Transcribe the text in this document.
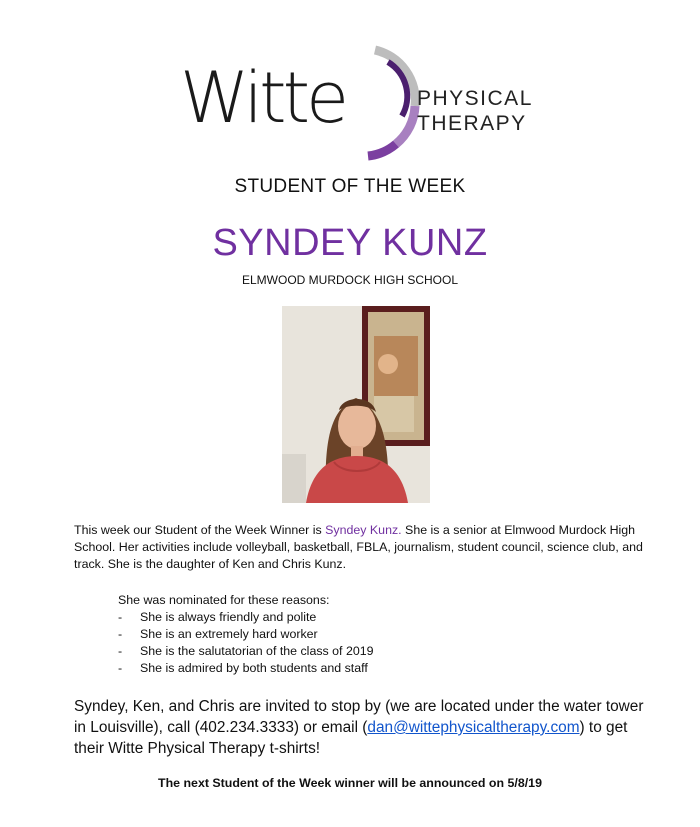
Witte	PHYSICAL
THERAPY
STUDENT OF THE WEEK
SYNDEY KUNZ
ELMWOOD MURDOCK HIGH SCHOOL
This week our Student of the Week Winner is Syndey Kunz. She is a senior at Elmwood Murdock High School. Her activities include volleyball, basketball, FBLA, journalism, student council, science club, and track. She is the daughter of Ken and Chris Kunz.
She was nominated for these reasons:
- She is always friendly and polite
- She is an extremely hard worker
- She is the salutatorian of the class of 2019
- She is admired by both students and staff
Syndey, Ken, and Chris are invited to stop by (we are located under the water tower in Louisville), call (402.234.3333) or email (dan@wittephysicaltherapy.com) to get their Witte Physical Therapy t-shirts!
The next Student of the Week winner will be announced on 5/8/19
